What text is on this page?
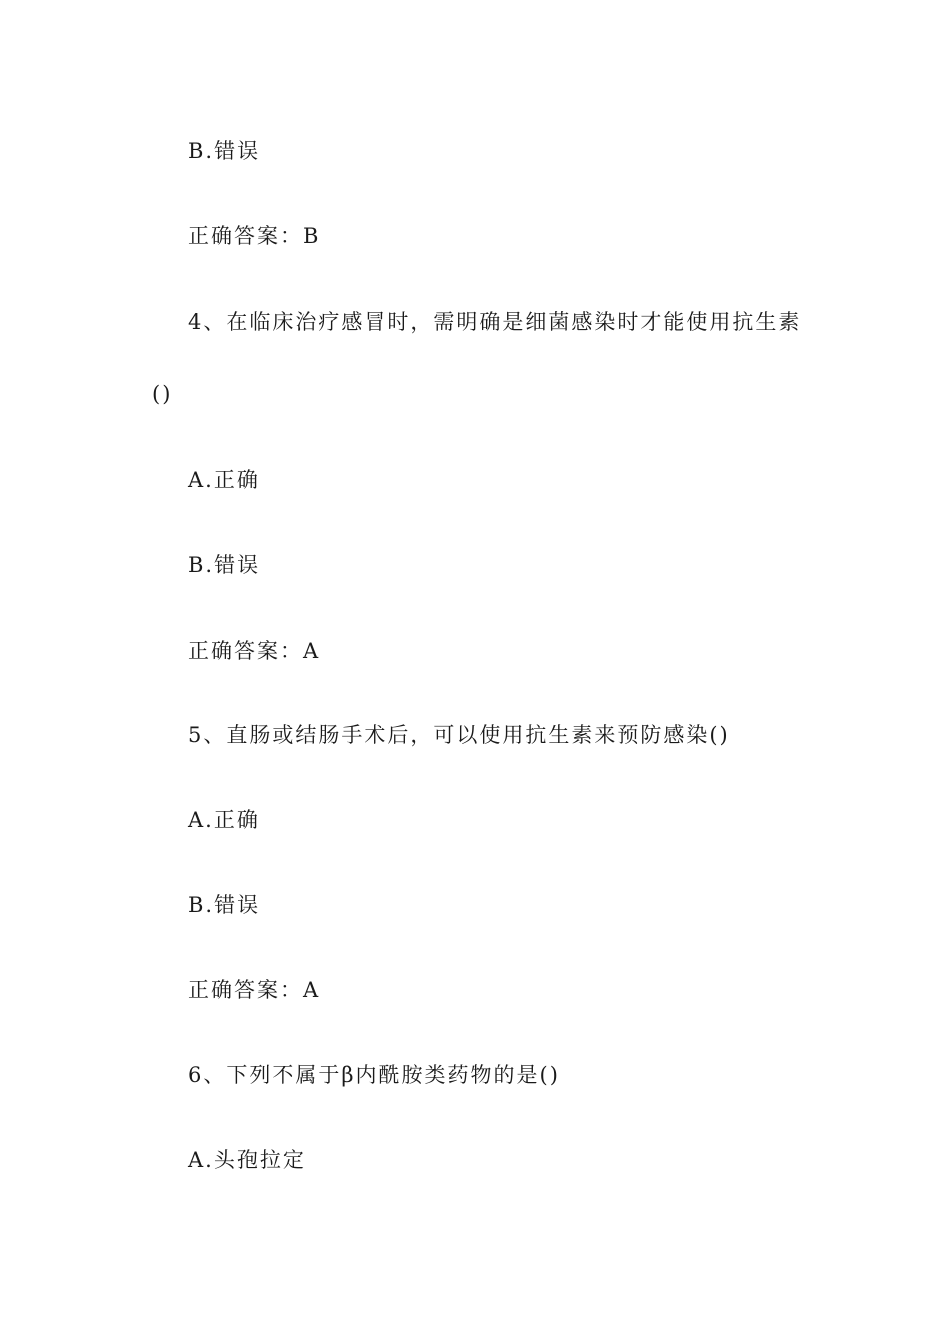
B.错误
正确答案：B
4、在临床治疗感冒时，需明确是细菌感染时才能使用抗生素
()
A.正确
B.错误
正确答案：A
5、直肠或结肠手术后，可以使用抗生素来预防感染()
A.正确
B.错误
正确答案：A
6、下列不属于β内酰胺类药物的是()
A.头孢拉定
